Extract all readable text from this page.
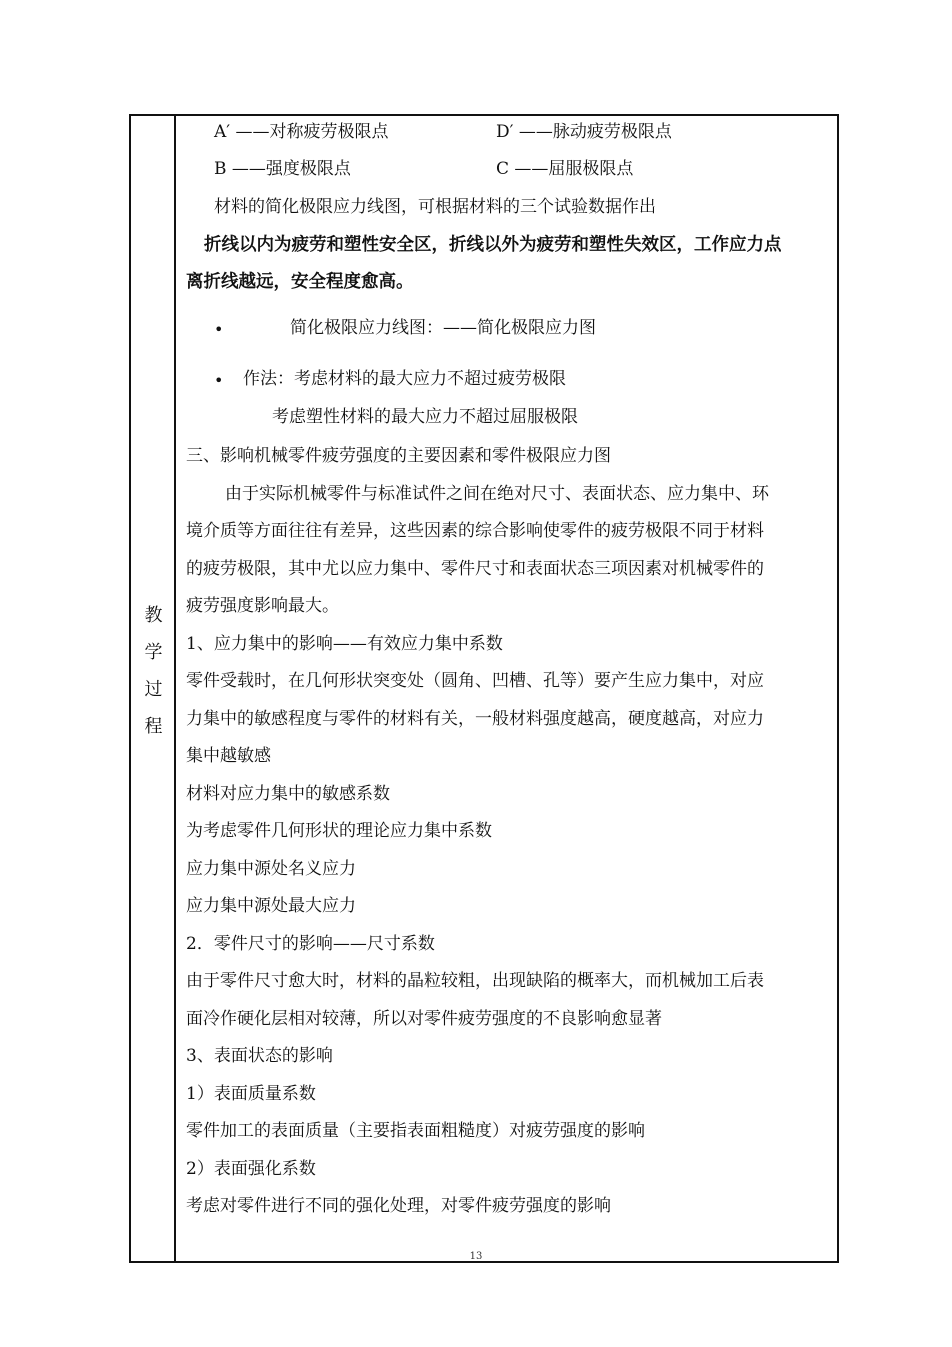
教
学
过
程
A′ ——对称疲劳极限点	D′ ——脉动疲劳极限点
B ——强度极限点	C ——屈服极限点
材料的简化极限应力线图，可根据材料的三个试验数据作出
折线以内为疲劳和塑性安全区，折线以外为疲劳和塑性失效区，工作应力点
离折线越远，安全程度愈高。
•	简化极限应力线图：——简化极限应力图
• 作法：考虑材料的最大应力不超过疲劳极限
考虑塑性材料的最大应力不超过屈服极限
三、影响机械零件疲劳强度的主要因素和零件极限应力图
由于实际机械零件与标准试件之间在绝对尺寸、表面状态、应力集中、环
境介质等方面往往有差异，这些因素的综合影响使零件的疲劳极限不同于材料
的疲劳极限，其中尤以应力集中、零件尺寸和表面状态三项因素对机械零件的
疲劳强度影响最大。
1、应力集中的影响——有效应力集中系数
零件受载时，在几何形状突变处（圆角、凹槽、孔等）要产生应力集中，对应
力集中的敏感程度与零件的材料有关，一般材料强度越高，硬度越高，对应力
集中越敏感
材料对应力集中的敏感系数
为考虑零件几何形状的理论应力集中系数
应力集中源处名义应力
应力集中源处最大应力
2．零件尺寸的影响——尺寸系数
由于零件尺寸愈大时，材料的晶粒较粗，出现缺陷的概率大，而机械加工后表
面冷作硬化层相对较薄，所以对零件疲劳强度的不良影响愈显著
3、表面状态的影响
1）表面质量系数
零件加工的表面质量（主要指表面粗糙度）对疲劳强度的影响
2）表面强化系数
考虑对零件进行不同的强化处理，对零件疲劳强度的影响
13
